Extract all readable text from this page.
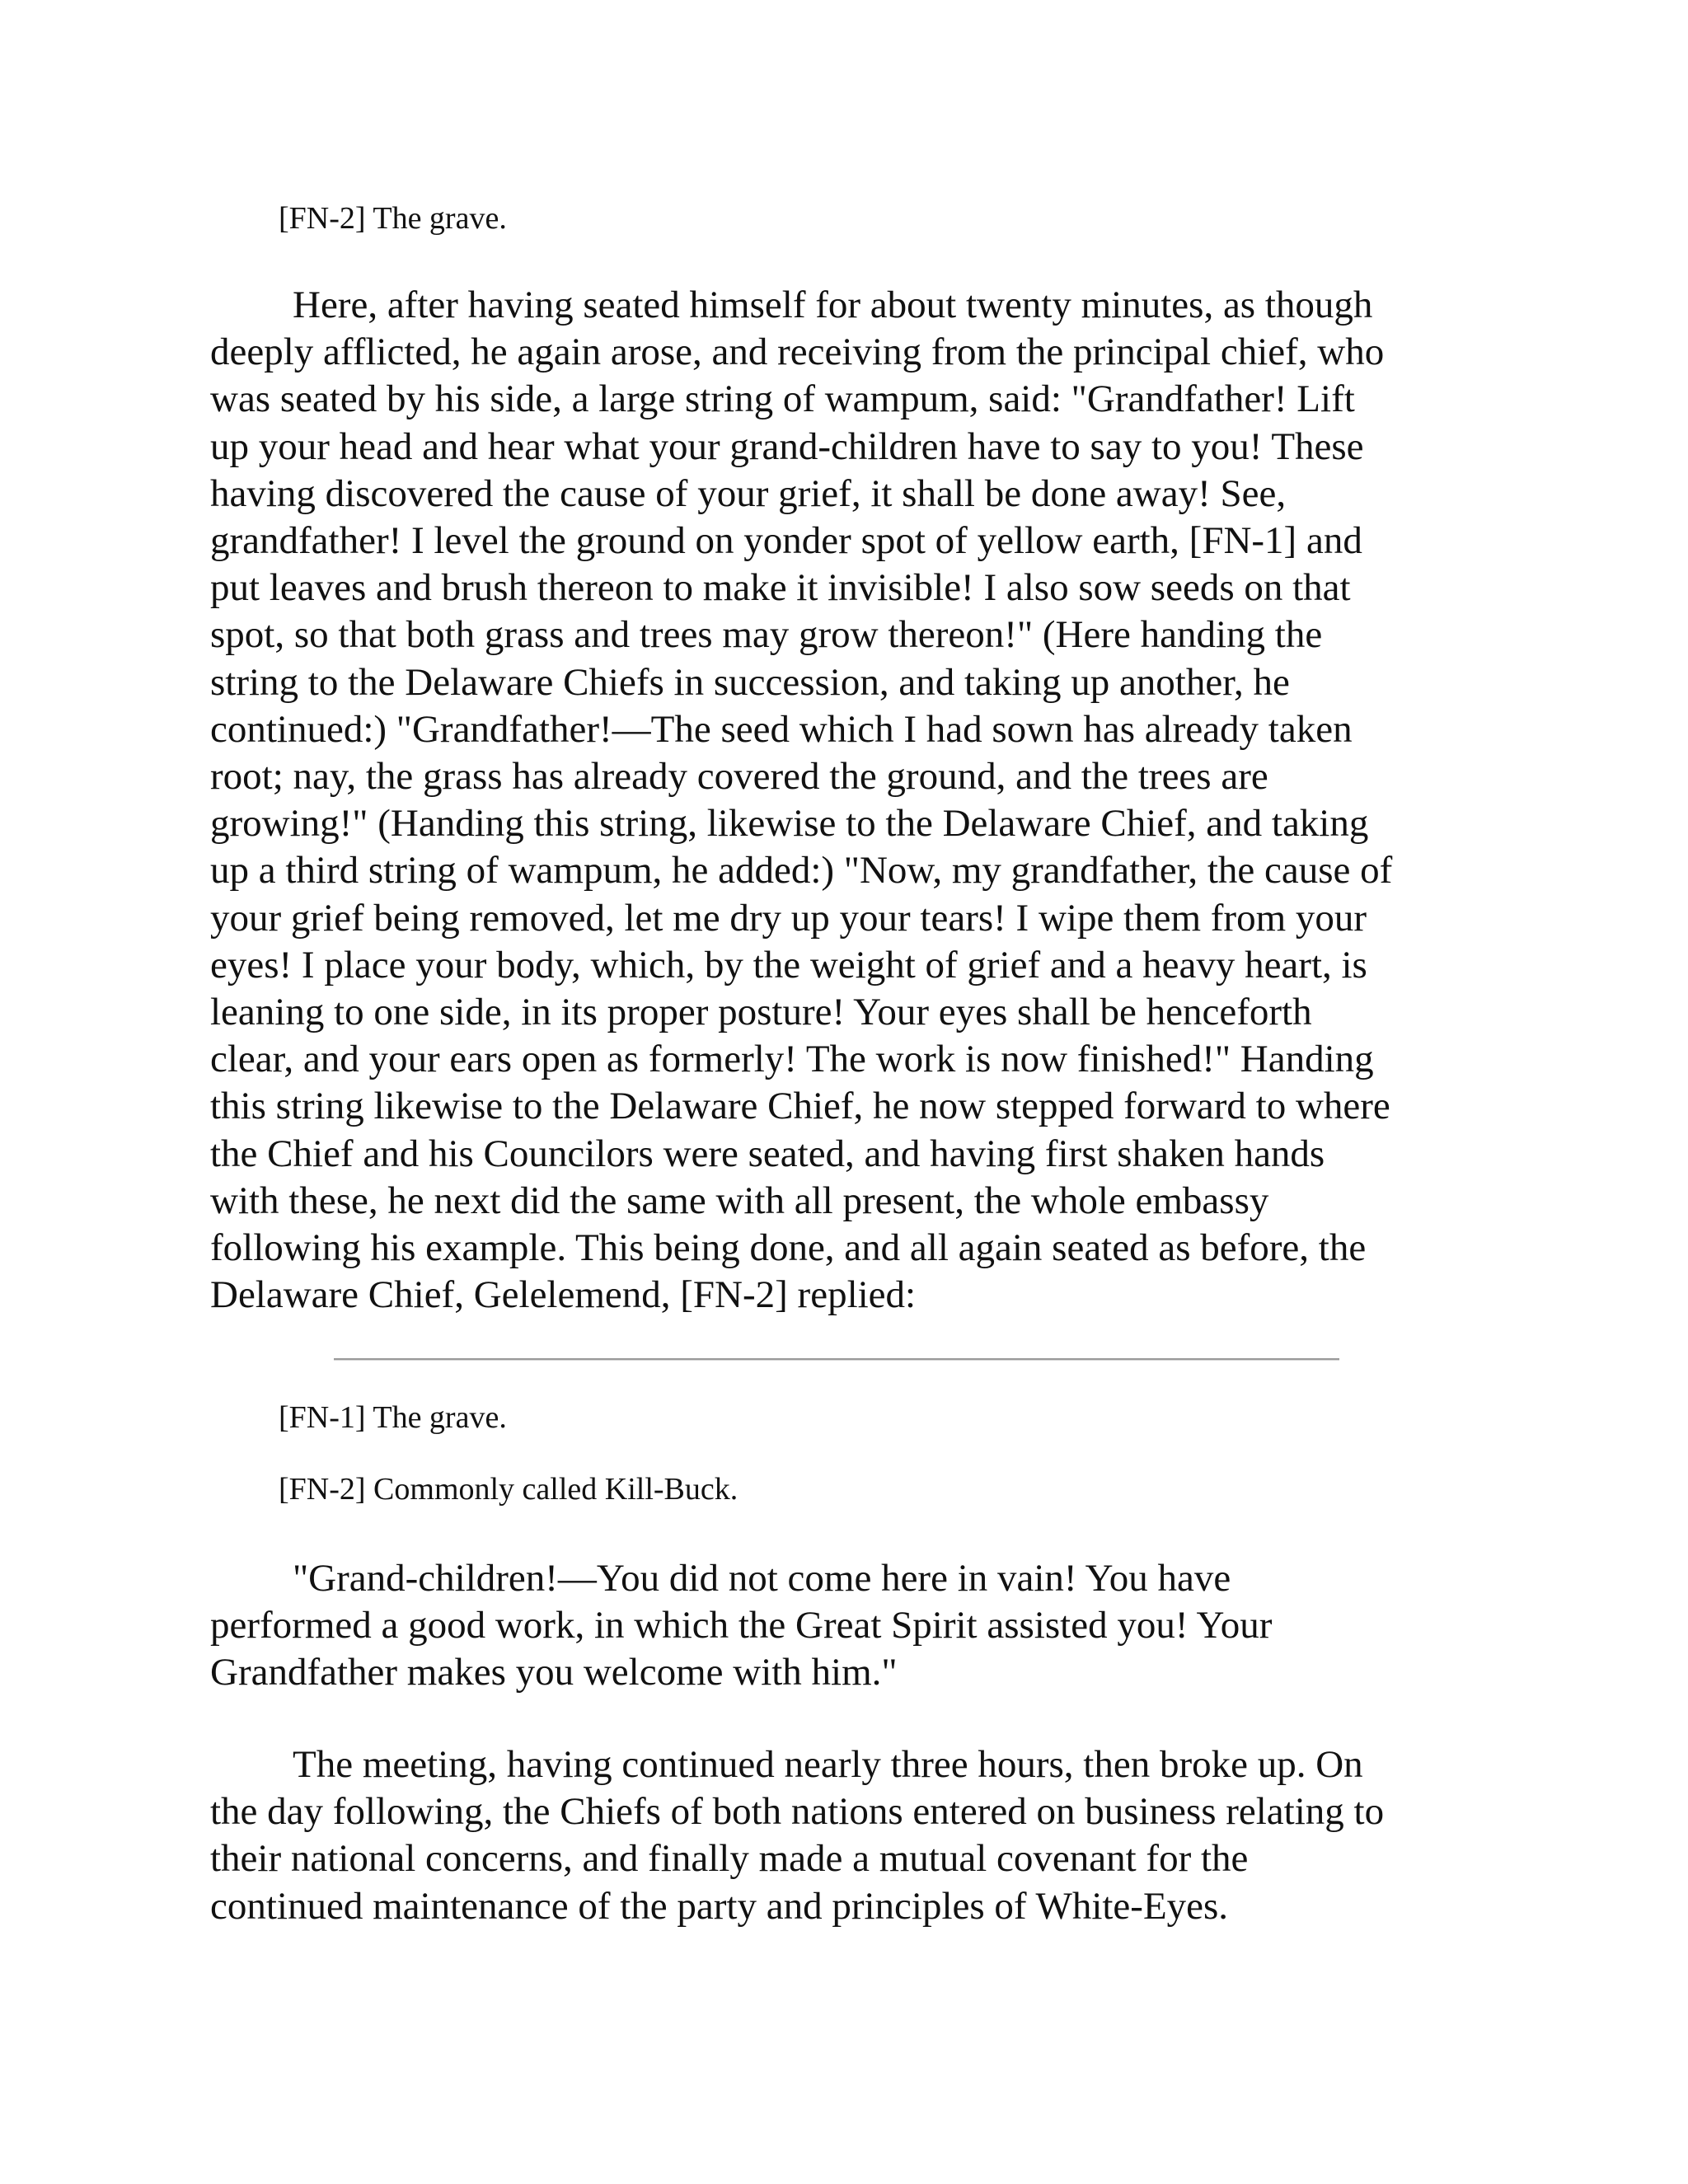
[FN-2] The grave.
Here, after having seated himself for about twenty minutes, as though
deeply afflicted, he again arose, and receiving from the principal chief, who
was seated by his side, a large string of wampum, said: "Grandfather! Lift
up your head and hear what your grand-children have to say to you! These
having discovered the cause of your grief, it shall be done away! See,
grandfather! I level the ground on yonder spot of yellow earth, [FN-1] and
put leaves and brush thereon to make it invisible! I also sow seeds on that
spot, so that both grass and trees may grow thereon!" (Here handing the
string to the Delaware Chiefs in succession, and taking up another, he
continued:) "Grandfather!—The seed which I had sown has already taken
root; nay, the grass has already covered the ground, and the trees are
growing!" (Handing this string, likewise to the Delaware Chief, and taking
up a third string of wampum, he added:) "Now, my grandfather, the cause of
your grief being removed, let me dry up your tears! I wipe them from your
eyes! I place your body, which, by the weight of grief and a heavy heart, is
leaning to one side, in its proper posture! Your eyes shall be henceforth
clear, and your ears open as formerly! The work is now finished!" Handing
this string likewise to the Delaware Chief, he now stepped forward to where
the Chief and his Councilors were seated, and having first shaken hands
with these, he next did the same with all present, the whole embassy
following his example. This being done, and all again seated as before, the
Delaware Chief, Gelelemend, [FN-2] replied:
[FN-1] The grave.
[FN-2] Commonly called Kill-Buck.
"Grand-children!—You did not come here in vain! You have
performed a good work, in which the Great Spirit assisted you! Your
Grandfather makes you welcome with him."
The meeting, having continued nearly three hours, then broke up. On
the day following, the Chiefs of both nations entered on business relating to
their national concerns, and finally made a mutual covenant for the
continued maintenance of the party and principles of White-Eyes.
